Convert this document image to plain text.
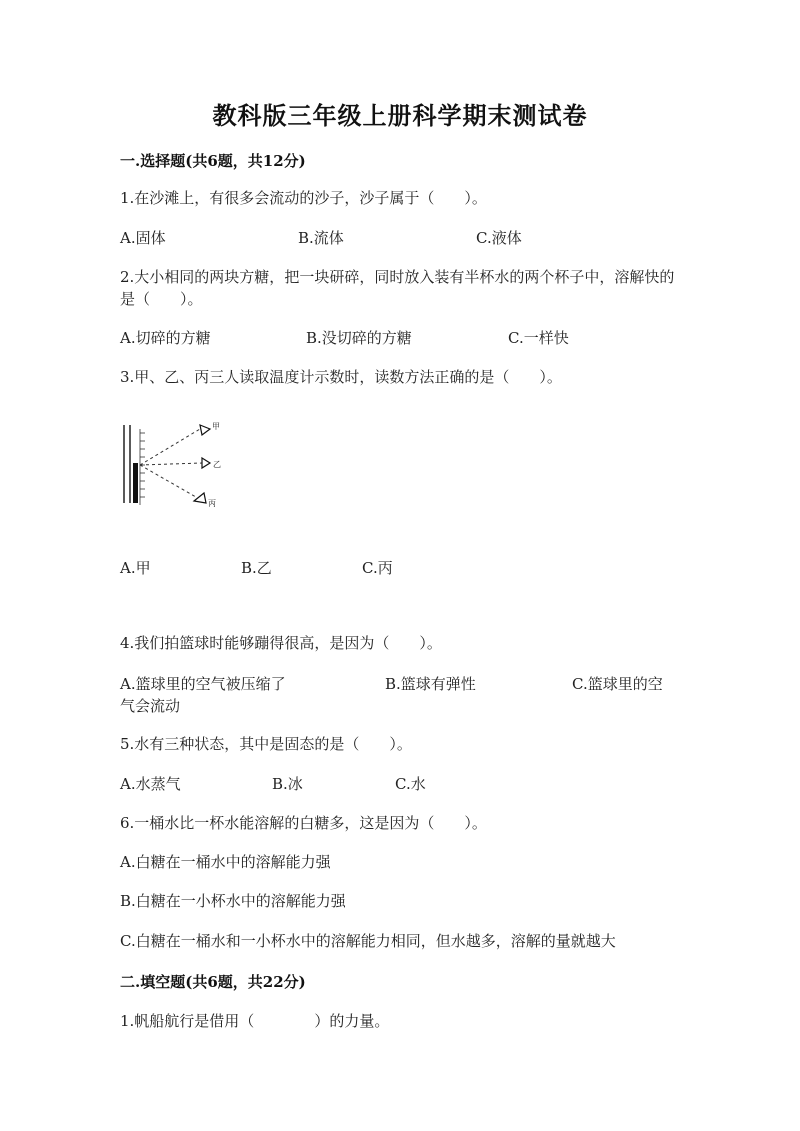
教科版三年级上册科学期末测试卷
一.选择题(共6题，共12分)
1.在沙滩上，有很多会流动的沙子，沙子属于（　　）。
A.固体	B.流体	C.液体
2.大小相同的两块方糖，把一块研碎，同时放入装有半杯水的两个杯子中，溶解快的是（　　）。
A.切碎的方糖	B.没切碎的方糖	C.一样快
3.甲、乙、丙三人读取温度计示数时，读数方法正确的是（　　）。
甲
乙
丙
A.甲	B.乙	C.丙
4.我们拍篮球时能够蹦得很高，是因为（　　）。
A.篮球里的空气被压缩了	B.篮球有弹性	C.篮球里的空
气会流动
5.水有三种状态，其中是固态的是（　　）。
A.水蒸气	B.冰	C.水
6.一桶水比一杯水能溶解的白糖多，这是因为（　　）。
A.白糖在一桶水中的溶解能力强
B.白糖在一小杯水中的溶解能力强
C.白糖在一桶水和一小杯水中的溶解能力相同，但水越多，溶解的量就越大
二.填空题(共6题，共22分)
1.帆船航行是借用（　　　　）的力量。
